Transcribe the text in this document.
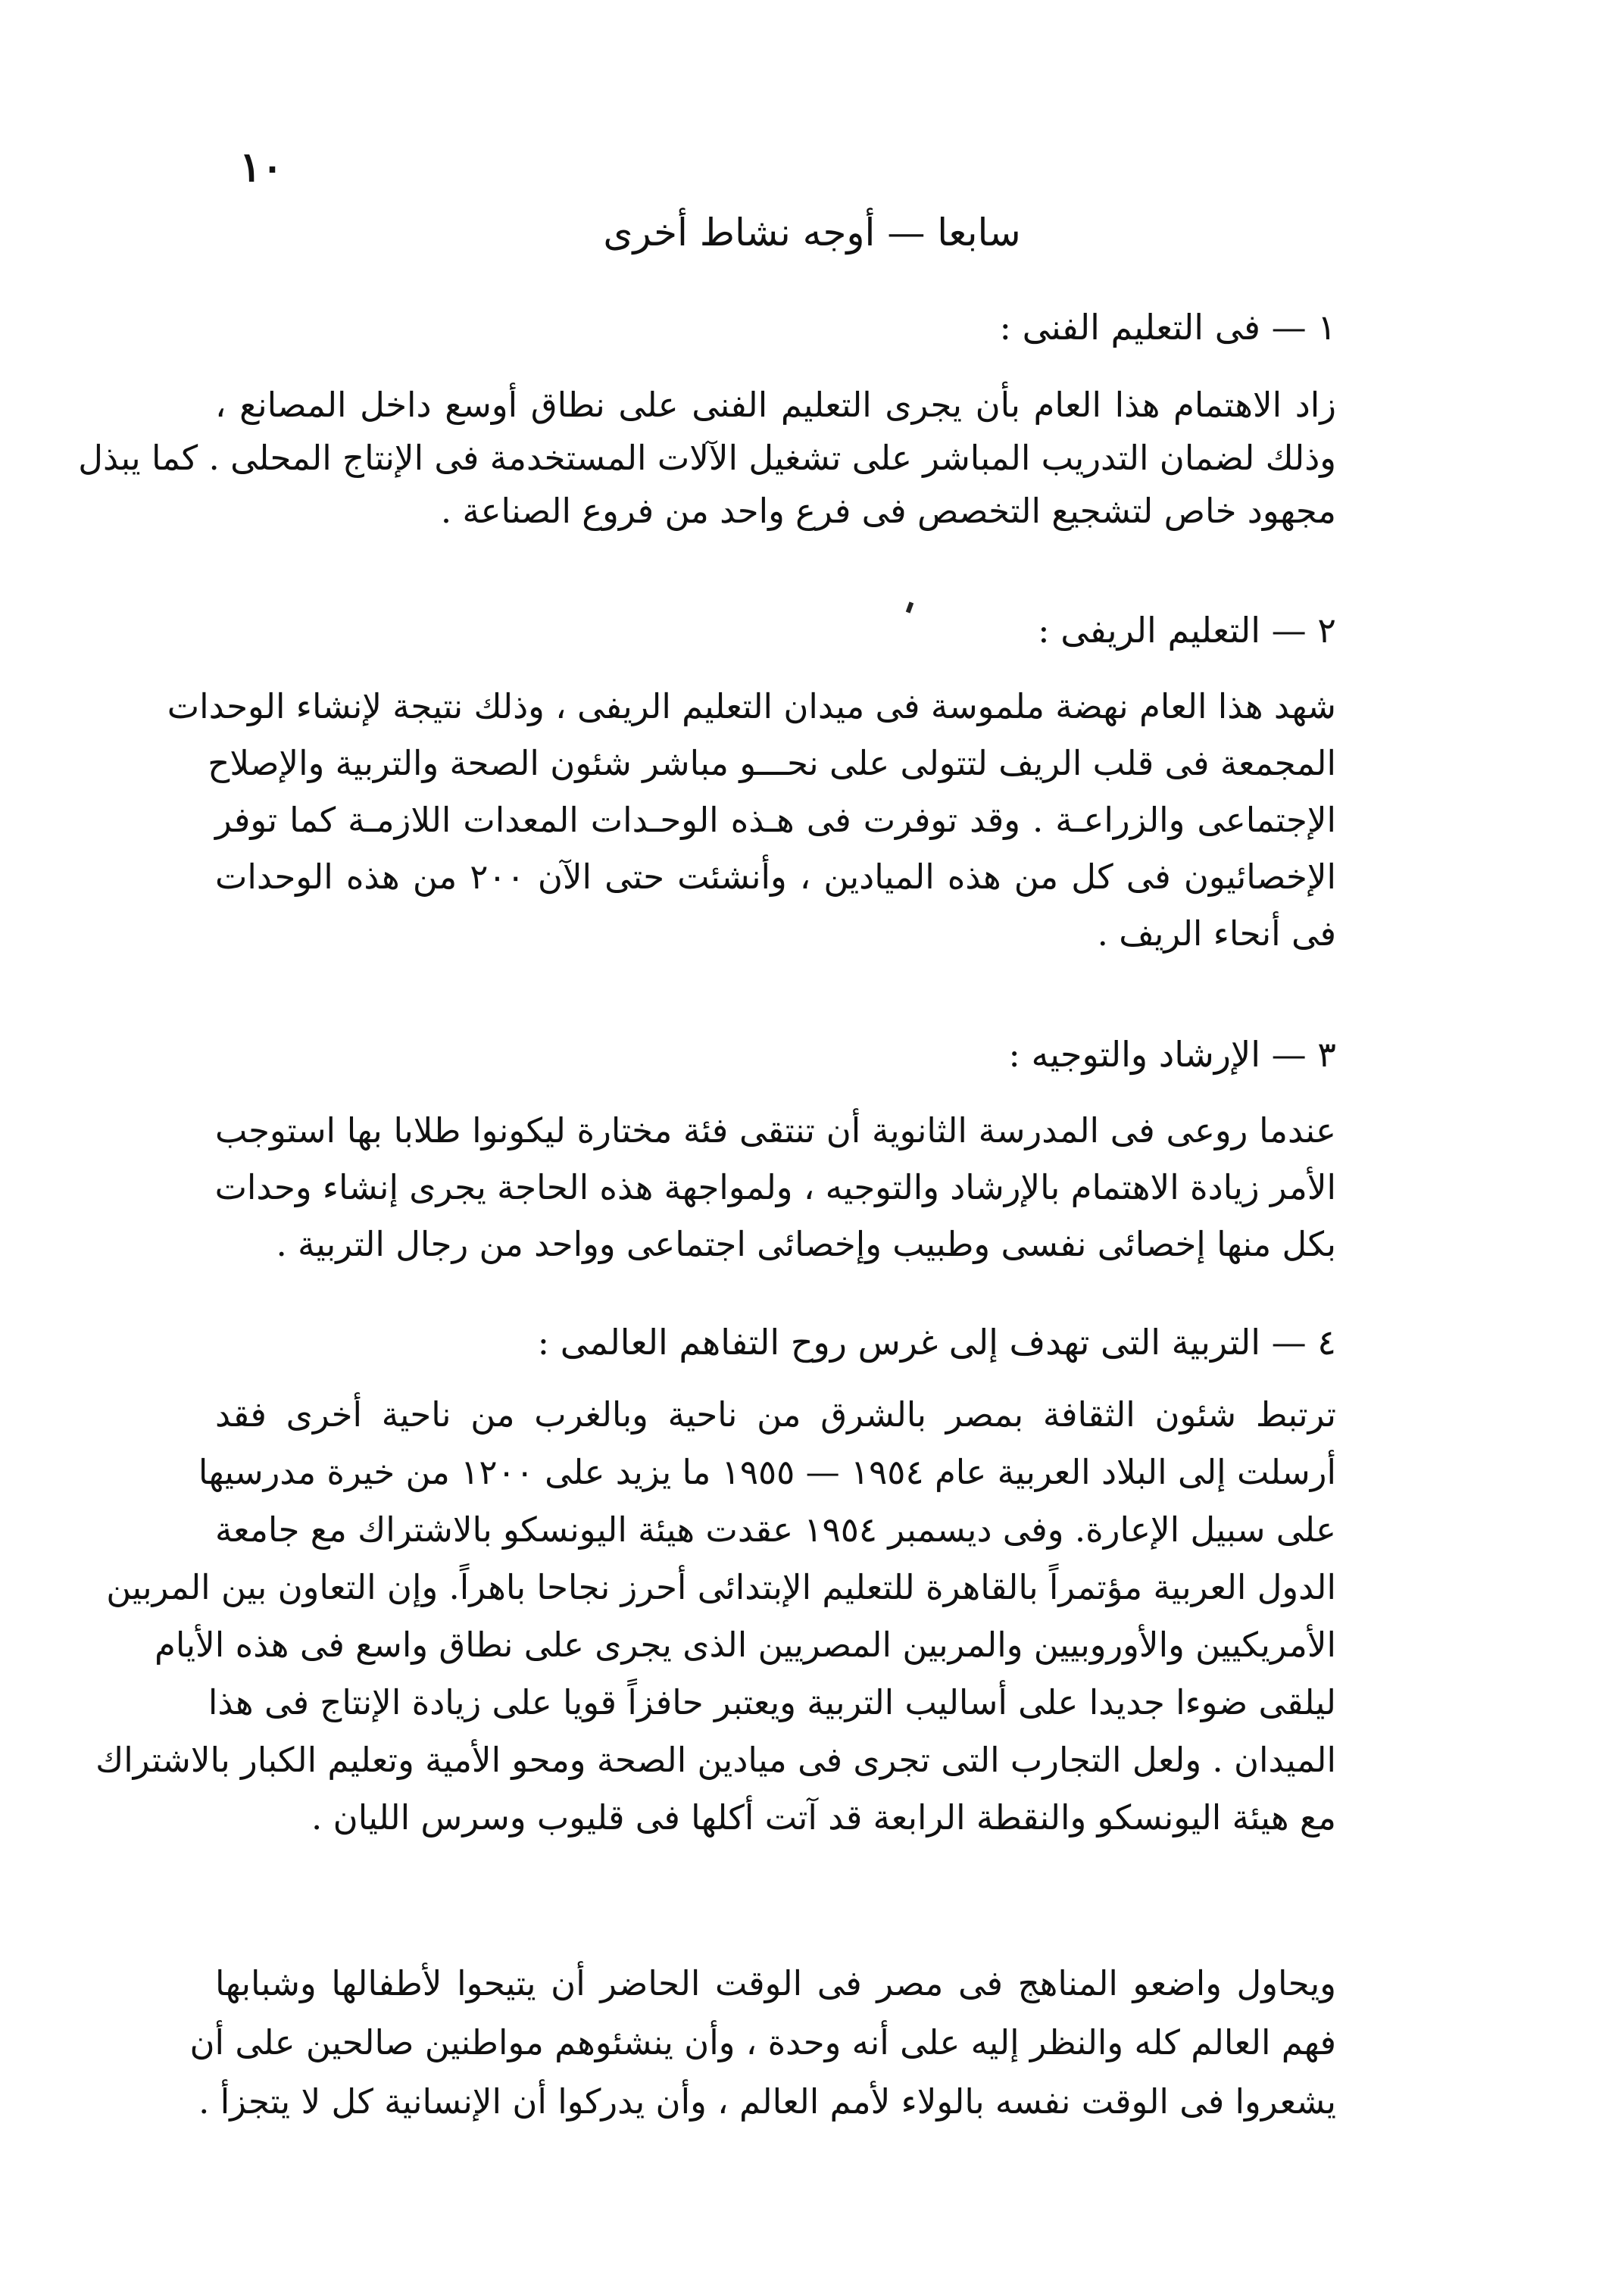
١٠
سابعا — أوجه نشاط أخرى
١ — فى التعليم الفنى :
زاد الاهتمام هذا العام بأن يجرى التعليم الفنى على نطاق أوسع داخل المصانع ،
وذلك لضمان التدريب المباشر على تشغيل الآلات المستخدمة فى الإنتاج المحلى . كما يبذل
مجهود خاص لتشجيع التخصص فى فرع واحد من فروع الصناعة .
٢ — التعليم الريفى :
شهد هذا العام نهضة ملموسة فى ميدان التعليم الريفى ، وذلك نتيجة لإنشاء الوحدات
المجمعة فى قلب الريف لتتولى على نحـــو مباشر شئون الصحة والتربية والإصلاح
الإجتماعى والزراعـة . وقد توفرت فى هـذه الوحـدات المعدات اللازمـة كما توفر
الإخصائيون فى كل من هذه الميادين ، وأنشئت حتى الآن ٢٠٠ من هذه الوحدات
فى أنحاء الريف .
٣ — الإرشاد والتوجيه :
عندما روعى فى المدرسة الثانوية أن تنتقى فئة مختارة ليكونوا طلابا بها استوجب
الأمر زيادة الاهتمام بالإرشاد والتوجيه ، ولمواجهة هذه الحاجة يجرى إنشاء وحدات
بكل منها إخصائى نفسى وطبيب وإخصائى اجتماعى وواحد من رجال التربية .
٤ — التربية التى تهدف إلى غرس روح التفاهم العالمى :
ترتبط شئون الثقافة بمصر بالشرق من ناحية وبالغرب من ناحية أخرى فقد
أرسلت إلى البلاد العربية عام ١٩٥٤ — ١٩٥٥ ما يزيد على ١٢٠٠ من خيرة مدرسيها
على سبيل الإعارة. وفى ديسمبر ١٩٥٤ عقدت هيئة اليونسكو بالاشتراك مع جامعة
الدول العربية مؤتمراً بالقاهرة للتعليم الإبتدائى أحرز نجاحا باهراً. وإن التعاون بين المربين
الأمريكيين والأوروبيين والمربين المصريين الذى يجرى على نطاق واسع فى هذه الأيام
ليلقى ضوءا جديدا على أساليب التربية ويعتبر حافزاً قويا على زيادة الإنتاج فى هذا
الميدان . ولعل التجارب التى تجرى فى ميادين الصحة ومحو الأمية وتعليم الكبار بالاشتراك
مع هيئة اليونسكو والنقطة الرابعة قد آتت أكلها فى قليوب وسرس الليان .
ويحاول واضعو المناهج فى مصر فى الوقت الحاضر أن يتيحوا لأطفالها وشبابها
فهم العالم كله والنظر إليه على أنه وحدة ، وأن ينشئوهم مواطنين صالحين على أن
يشعروا فى الوقت نفسه بالولاء لأمم العالم ، وأن يدركوا أن الإنسانية كل لا يتجزأ .
